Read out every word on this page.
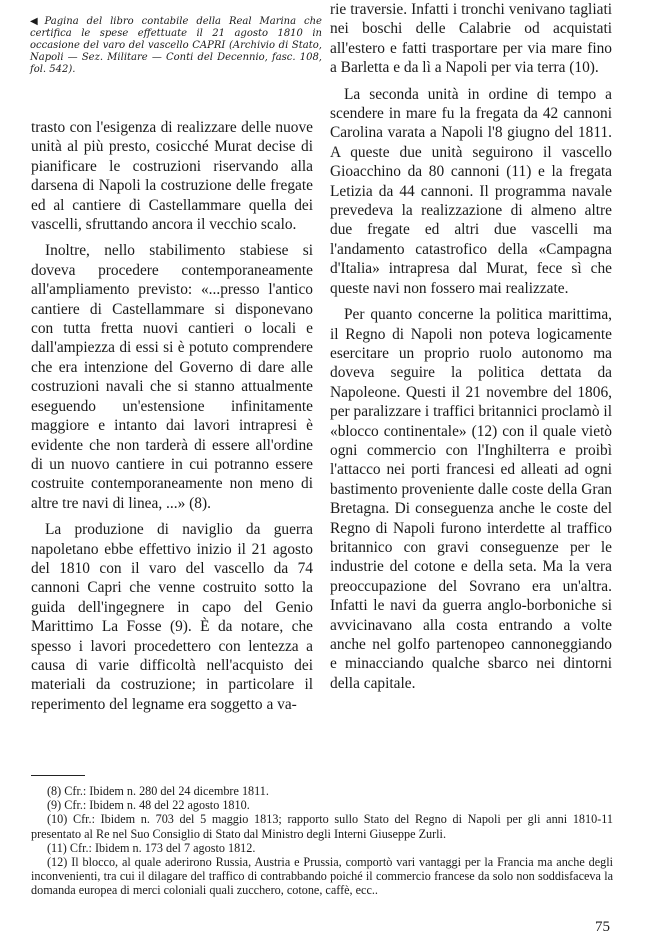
◀ Pagina del libro contabile della Real Marina che certifica le spese effettuate il 21 agosto 1810 in occasione del varo del vascello CAPRI (Archivio di Stato, Napoli — Sez. Militare — Conti del Decennio, fasc. 108, fol. 542).

trasto con l'esigenza di realizzare delle nuove unità al più presto, cosicché Murat decise di pianificare le costruzioni riservando alla darsena di Napoli la costruzione delle fregate ed al cantiere di Castellammare quella dei vascelli, sfruttando ancora il vecchio scalo.

Inoltre, nello stabilimento stabiese si doveva procedere contemporaneamente all'ampliamento previsto: «...presso l'antico cantiere di Castellammare si disponevano con tutta fretta nuovi cantieri o locali e dall'ampiezza di essi si è potuto comprendere che era intenzione del Governo di dare alle costruzioni navali che si stanno attualmente eseguendo un'estensione infinitamente maggiore e intanto dai lavori intrapresi è evidente che non tarderà di essere all'ordine di un nuovo cantiere in cui potranno essere costruite contemporaneamente non meno di altre tre navi di linea, ...» (8).

La produzione di naviglio da guerra napoletano ebbe effettivo inizio il 21 agosto del 1810 con il varo del vascello da 74 cannoni Capri che venne costruito sotto la guida dell'ingegnere in capo del Genio Marittimo La Fosse (9). È da notare, che spesso i lavori procedettero con lentezza a causa di varie difficoltà nell'acquisto dei materiali da costruzione; in particolare il reperimento del legname era soggetto a va-

rie traversie. Infatti i tronchi venivano tagliati nei boschi delle Calabrie od acquistati all'estero e fatti trasportare per via mare fino a Barletta e da lì a Napoli per via terra (10).

La seconda unità in ordine di tempo a scendere in mare fu la fregata da 42 cannoni Carolina varata a Napoli l'8 giugno del 1811. A queste due unità seguirono il vascello Gioacchino da 80 cannoni (11) e la fregata Letizia da 44 cannoni. Il programma navale prevedeva la realizzazione di almeno altre due fregate ed altri due vascelli ma l'andamento catastrofico della «Campagna d'Italia» intrapresa dal Murat, fece sì che queste navi non fossero mai realizzate.

Per quanto concerne la politica marittima, il Regno di Napoli non poteva logicamente esercitare un proprio ruolo autonomo ma doveva seguire la politica dettata da Napoleone. Questi il 21 novembre del 1806, per paralizzare i traffici britannici proclamò il «blocco continentale» (12) con il quale vietò ogni commercio con l'Inghilterra e proibì l'attacco nei porti francesi ed alleati ad ogni bastimento proveniente dalle coste della Gran Bretagna. Di conseguenza anche le coste del Regno di Napoli furono interdette al traffico britannico con gravi conseguenze per le industrie del cotone e della seta. Ma la vera preoccupazione del Sovrano era un'altra. Infatti le navi da guerra anglo-borboniche si avvicinavano alla costa entrando a volte anche nel golfo partenopeo cannoneggiando e minacciando qualche sbarco nei dintorni della capitale.

(8) Cfr.: Ibidem n. 280 del 24 dicembre 1811.

(9) Cfr.: Ibidem n. 48 del 22 agosto 1810.

(10) Cfr.: Ibidem n. 703 del 5 maggio 1813; rapporto sullo Stato del Regno di Napoli per gli anni 1810-11 presentato al Re nel Suo Consiglio di Stato dal Ministro degli Interni Giuseppe Zurli.

(11) Cfr.: Ibidem n. 173 del 7 agosto 1812.

(12) Il blocco, al quale aderirono Russia, Austria e Prussia, comportò vari vantaggi per la Francia ma anche degli inconvenienti, tra cui il dilagare del traffico di contrabbando poiché il commercio francese da solo non soddisfaceva la domanda europea di merci coloniali quali zucchero, cotone, caffè, ecc..

75
